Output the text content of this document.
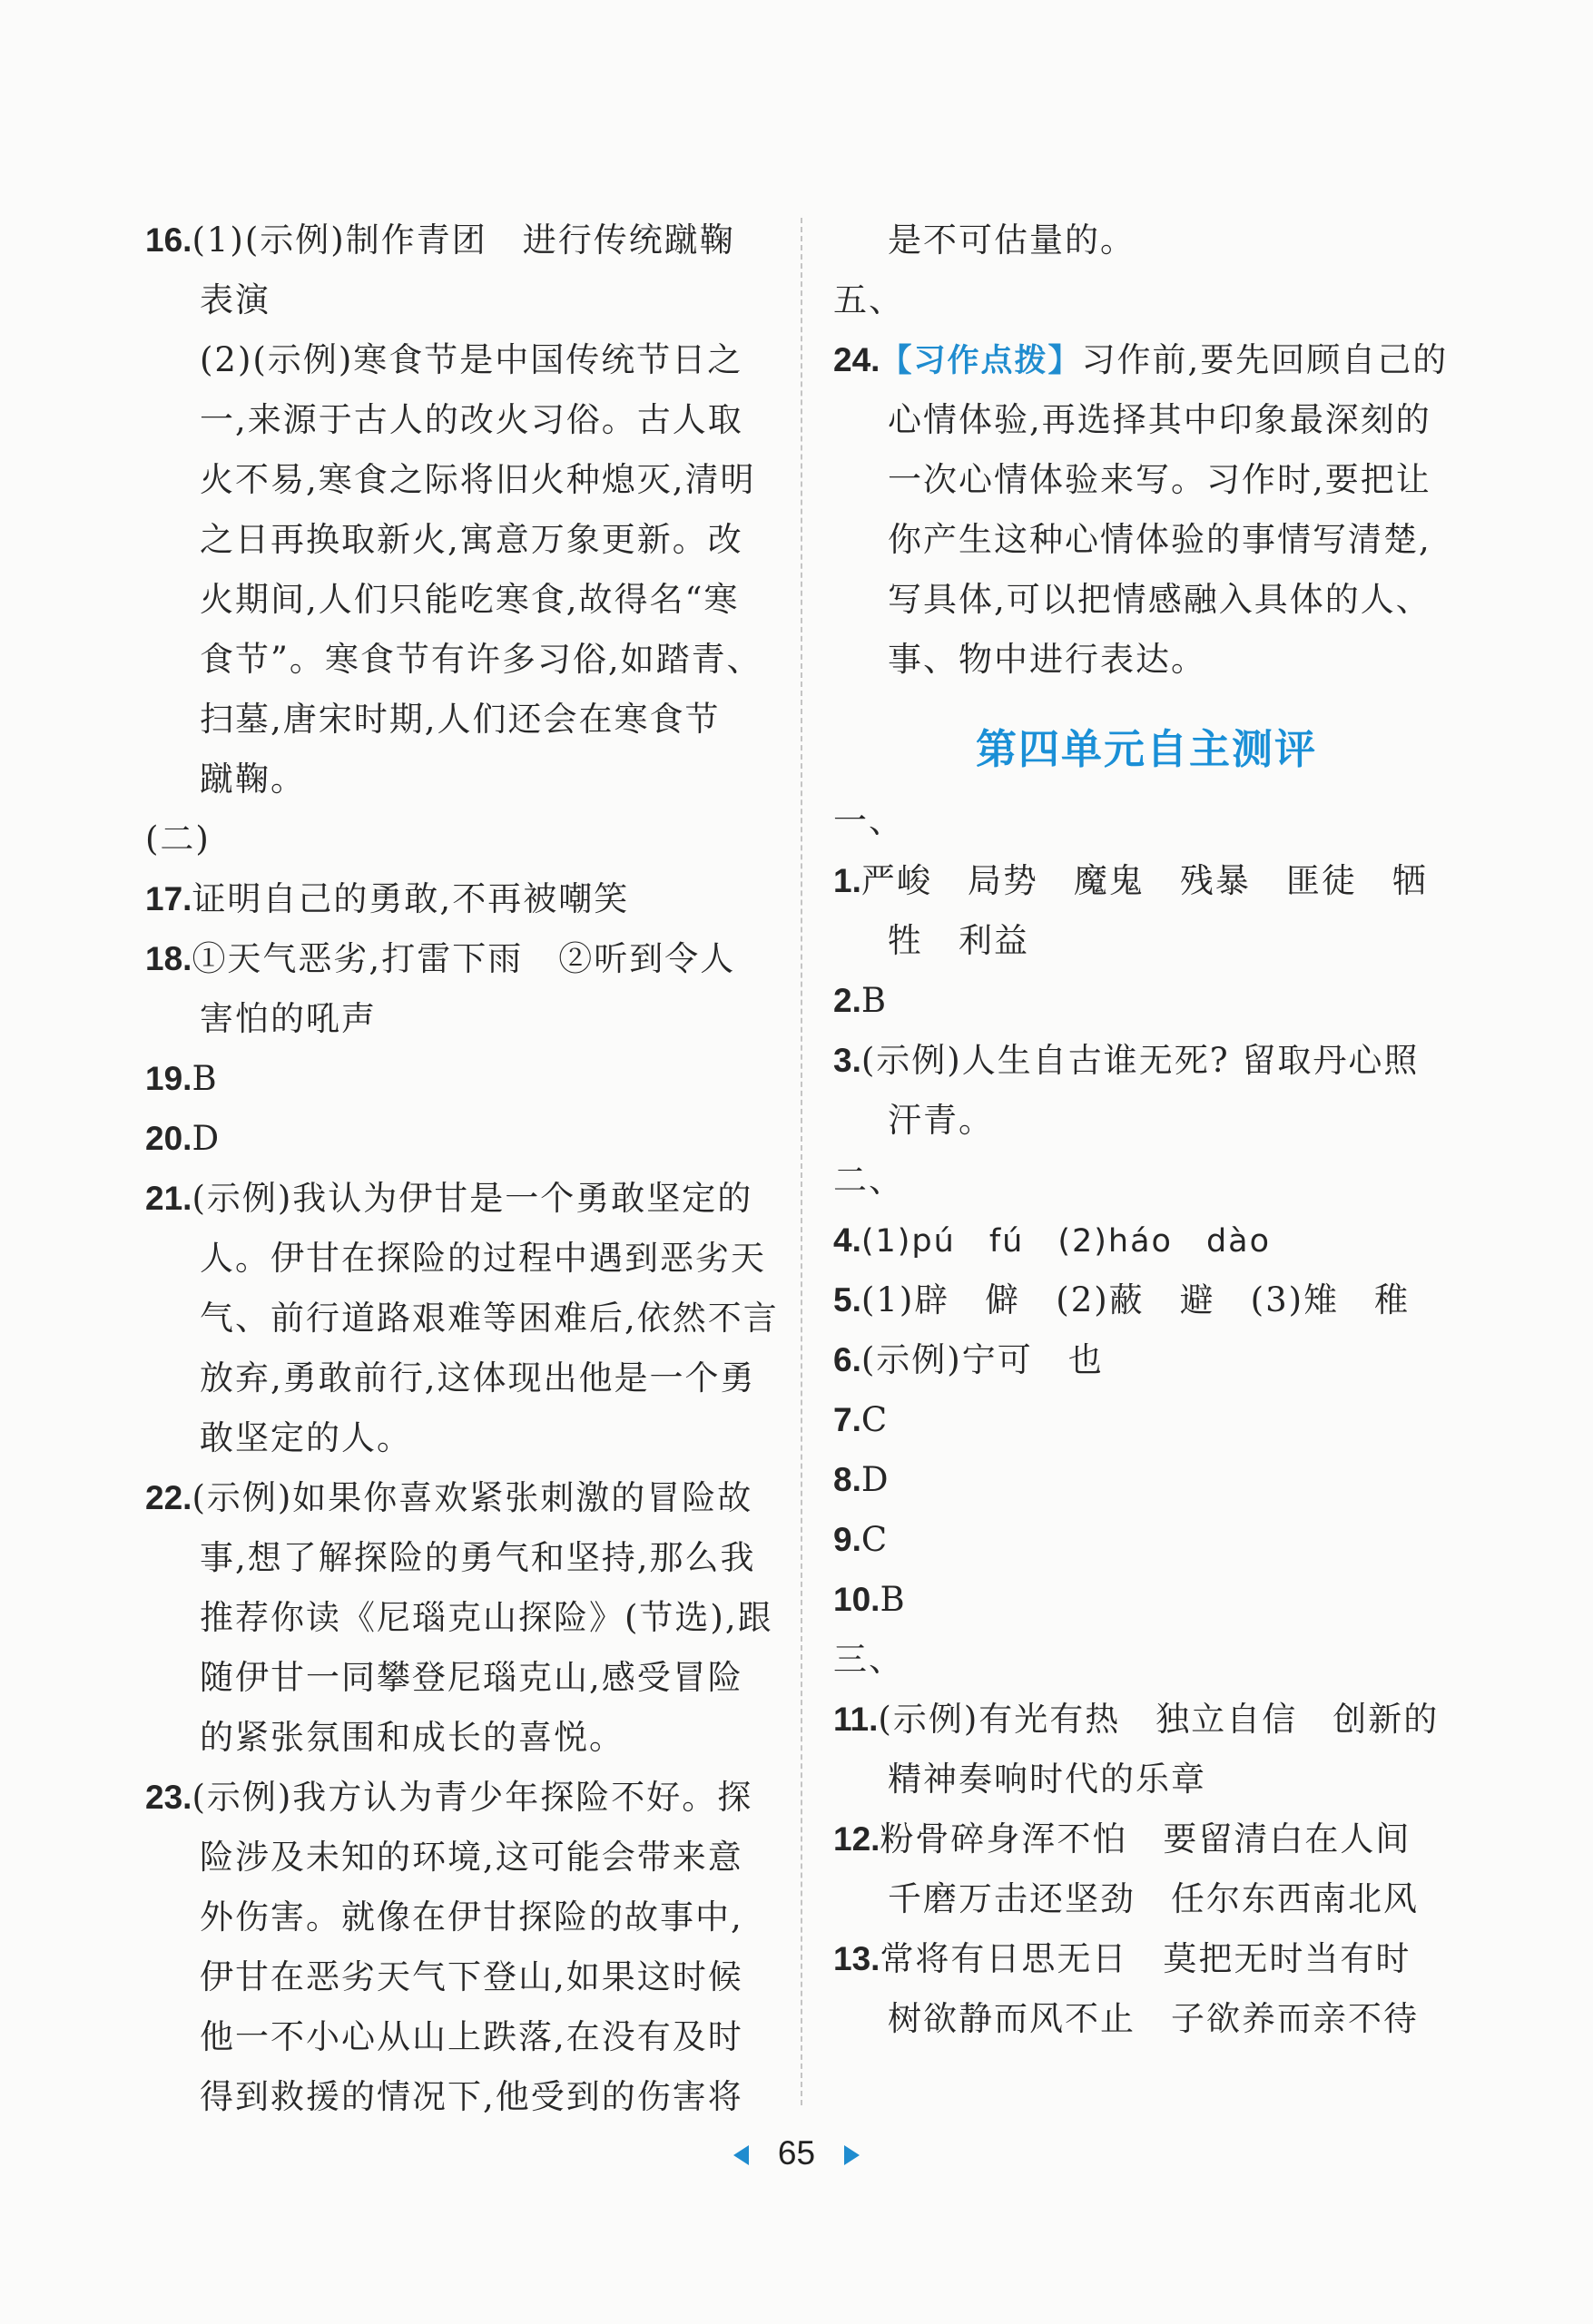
16.(1)(示例)制作青团　进行传统蹴鞠
表演
(2)(示例)寒食节是中国传统节日之
一,来源于古人的改火习俗。古人取
火不易,寒食之际将旧火种熄灭,清明
之日再换取新火,寓意万象更新。改
火期间,人们只能吃寒食,故得名“寒
食节”。寒食节有许多习俗,如踏青、
扫墓,唐宋时期,人们还会在寒食节
蹴鞠。
(二)
17.证明自己的勇敢,不再被嘲笑
18.①天气恶劣,打雷下雨　②听到令人
害怕的吼声
19.B
20.D
21.(示例)我认为伊甘是一个勇敢坚定的
人。伊甘在探险的过程中遇到恶劣天
气、前行道路艰难等困难后,依然不言
放弃,勇敢前行,这体现出他是一个勇
敢坚定的人。
22.(示例)如果你喜欢紧张刺激的冒险故
事,想了解探险的勇气和坚持,那么我
推荐你读《尼瑙克山探险》(节选),跟
随伊甘一同攀登尼瑙克山,感受冒险
的紧张氛围和成长的喜悦。
23.(示例)我方认为青少年探险不好。探
险涉及未知的环境,这可能会带来意
外伤害。就像在伊甘探险的故事中,
伊甘在恶劣天气下登山,如果这时候
他一不小心从山上跌落,在没有及时
得到救援的情况下,他受到的伤害将
是不可估量的。
五、
24.【习作点拨】习作前,要先回顾自己的
心情体验,再选择其中印象最深刻的
一次心情体验来写。习作时,要把让
你产生这种心情体验的事情写清楚,
写具体,可以把情感融入具体的人、
事、物中进行表达。
第四单元自主测评
一、
1.严峻　局势　魔鬼　残暴　匪徒　牺
牲　利益
2.B
3.(示例)人生自古谁无死? 留取丹心照
汗青。
二、
4.(1)pú　fú　(2)háo　dào
5.(1)辟　僻　(2)蔽　避　(3)雉　稚
6.(示例)宁可　也
7.C
8.D
9.C
10.B
三、
11.(示例)有光有热　独立自信　创新的
精神奏响时代的乐章
12.粉骨碎身浑不怕　要留清白在人间
千磨万击还坚劲　任尔东西南北风
13.常将有日思无日　莫把无时当有时
树欲静而风不止　子欲养而亲不待
65
